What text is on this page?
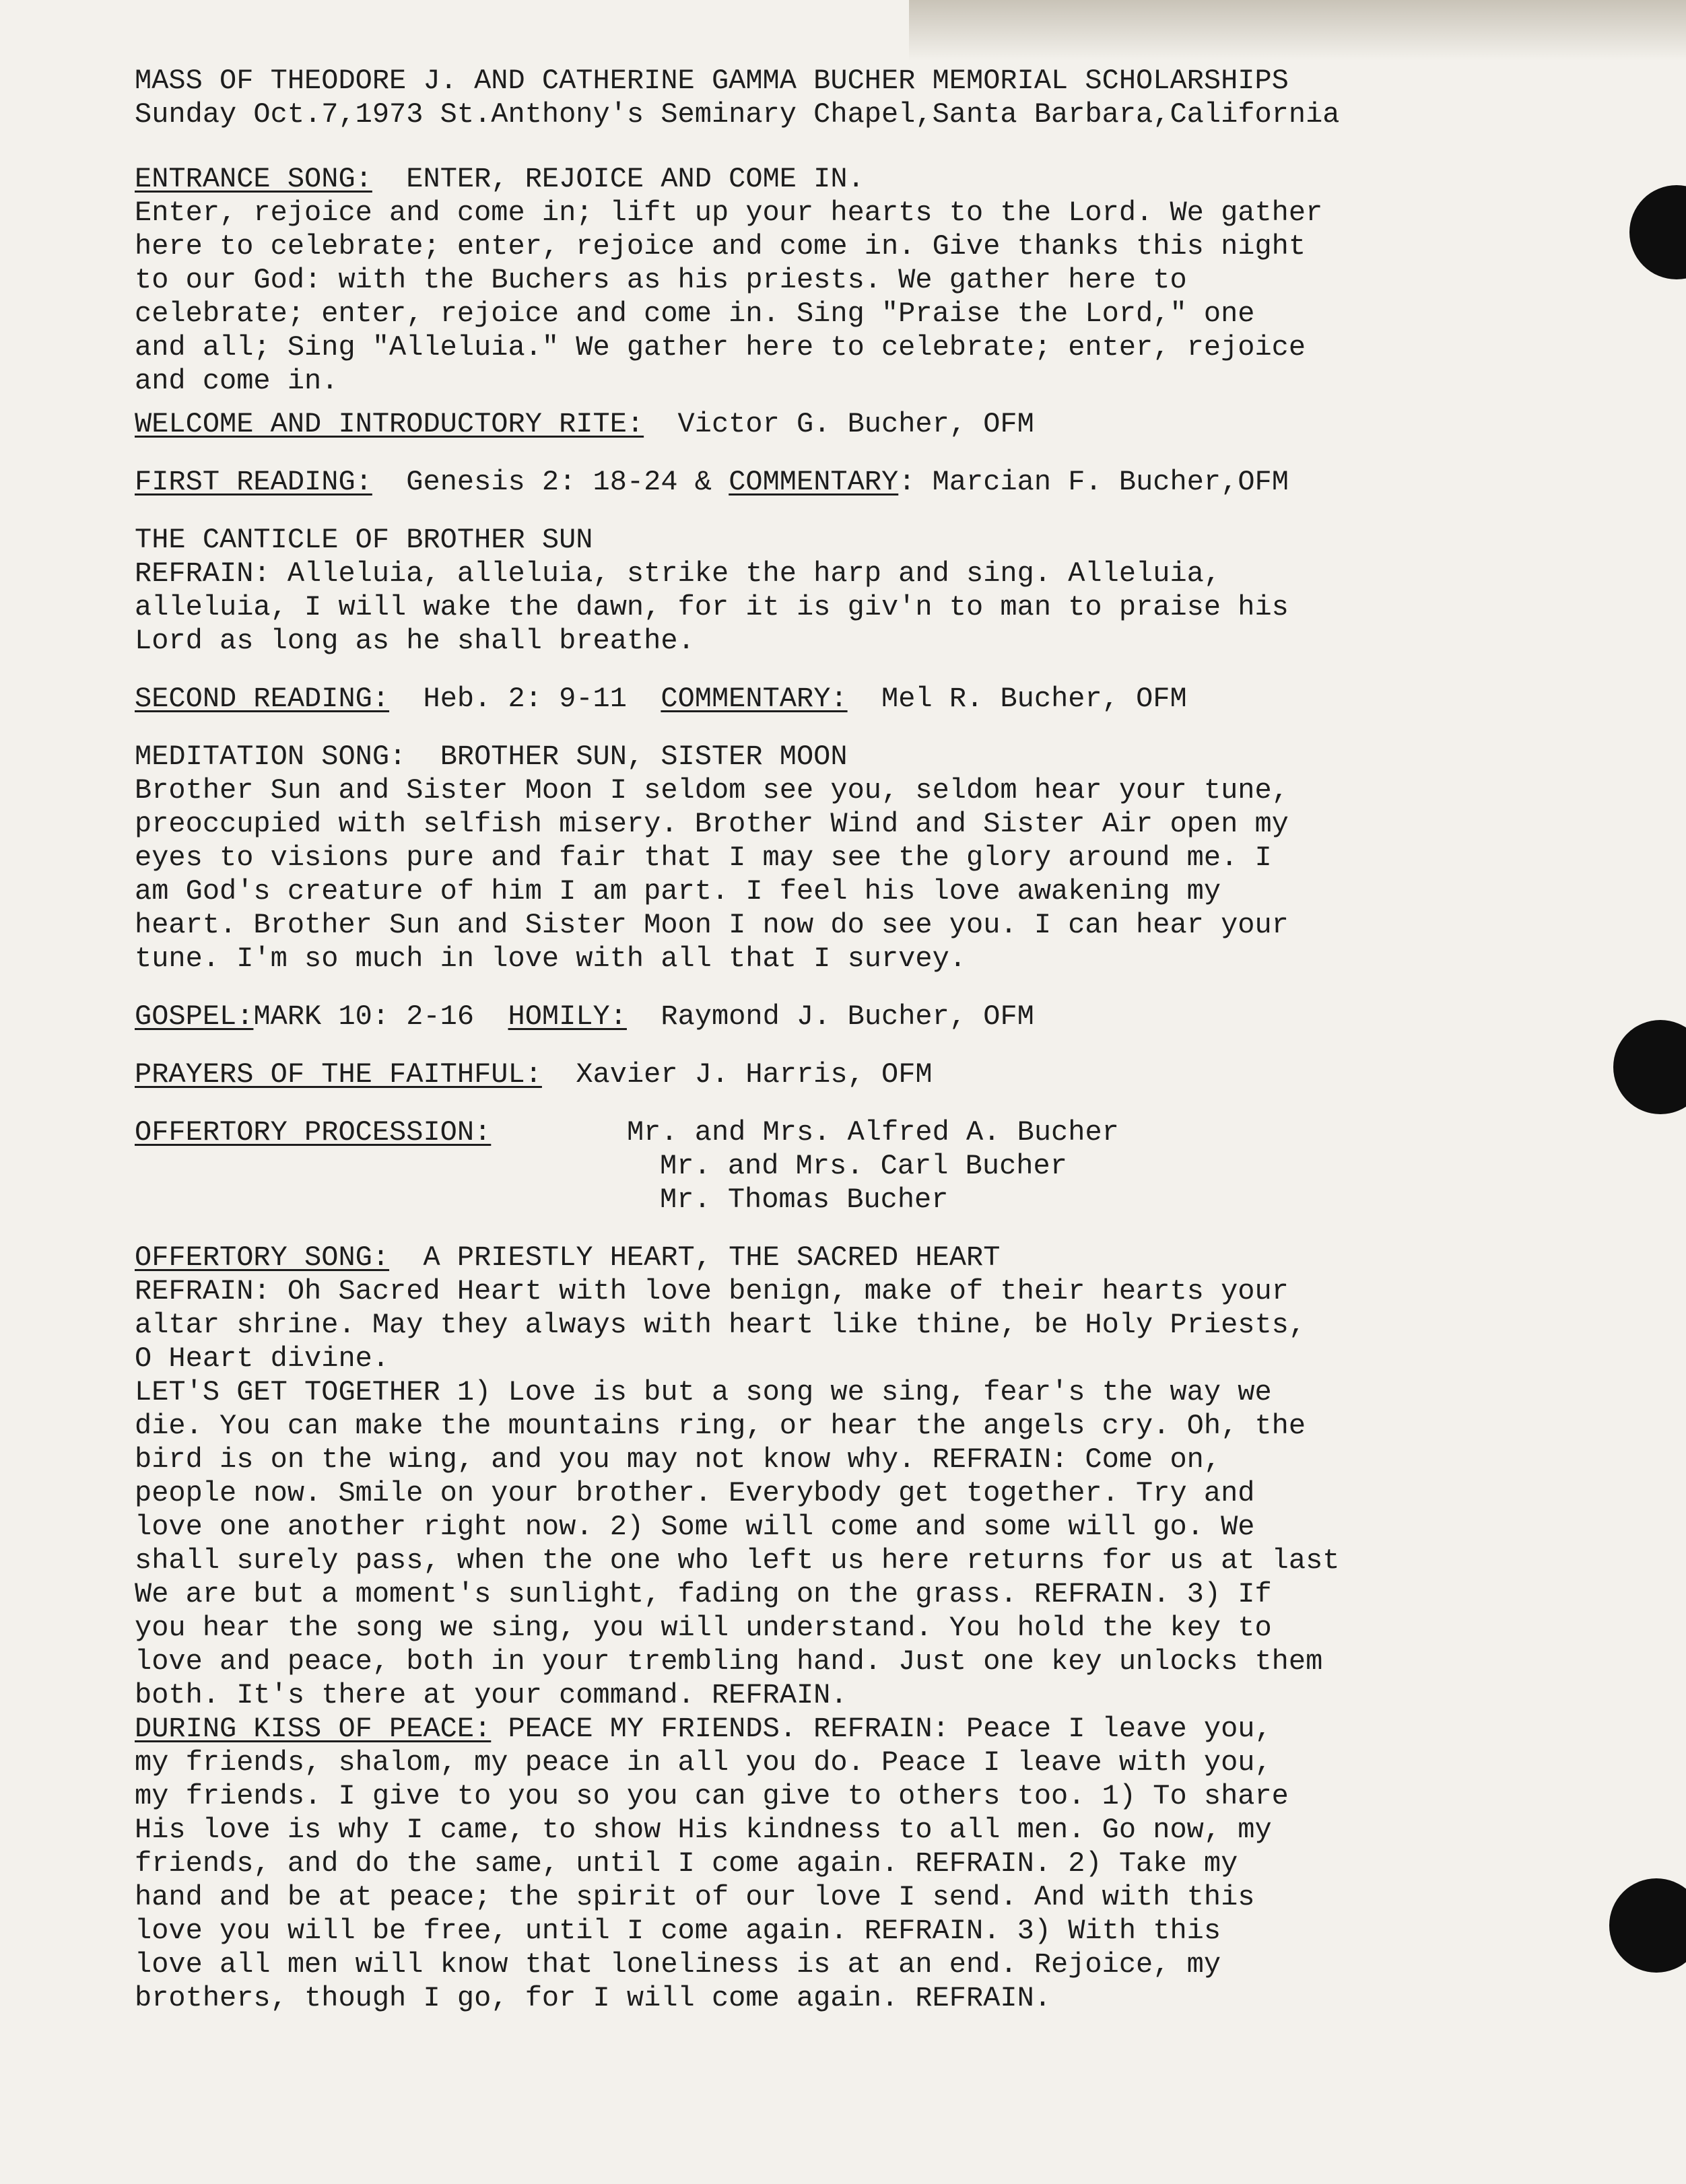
MASS OF THEODORE J. AND CATHERINE GAMMA BUCHER MEMORIAL SCHOLARSHIPS

Sunday Oct.7,1973 St.Anthony's Seminary Chapel,Santa Barbara,California

ENTRANCE SONG: ENTER, REJOICE AND COME IN.

Enter, rejoice and come in; lift up your hearts to the Lord. We gather

here to celebrate; enter, rejoice and come in. Give thanks this night

to our God: with the Buchers as his priests. We gather here to

celebrate; enter, rejoice and come in. Sing "Praise the Lord," one

and all; Sing "Alleluia." We gather here to celebrate; enter, rejoice

and come in.

WELCOME AND INTRODUCTORY RITE: Victor G. Bucher, OFM

FIRST READING: Genesis 2: 18-24 & COMMENTARY: Marcian F. Bucher,OFM

THE CANTICLE OF BROTHER SUN

REFRAIN: Alleluia, alleluia, strike the harp and sing. Alleluia,

alleluia, I will wake the dawn, for it is giv'n to man to praise his

Lord as long as he shall breathe.

SECOND READING: Heb. 2: 9-11 COMMENTARY: Mel R. Bucher, OFM

MEDITATION SONG: BROTHER SUN, SISTER MOON

Brother Sun and Sister Moon I seldom see you, seldom hear your tune,

preoccupied with selfish misery. Brother Wind and Sister Air open my

eyes to visions pure and fair that I may see the glory around me. I

am God's creature of him I am part. I feel his love awakening my

heart. Brother Sun and Sister Moon I now do see you. I can hear your

tune. I'm so much in love with all that I survey.

GOSPEL:MARK 10: 2-16 HOMILY: Raymond J. Bucher, OFM

PRAYERS OF THE FAITHFUL: Xavier J. Harris, OFM

OFFERTORY PROCESSION:	Mr. and Mrs. Alfred A. Bucher

Mr. and Mrs. Carl Bucher

Mr. Thomas Bucher

OFFERTORY SONG: A PRIESTLY HEART, THE SACRED HEART

REFRAIN: Oh Sacred Heart with love benign, make of their hearts your

altar shrine. May they always with heart like thine, be Holy Priests,

O Heart divine.

LET'S GET TOGETHER 1) Love is but a song we sing, fear's the way we

die. You can make the mountains ring, or hear the angels cry. Oh, the

bird is on the wing, and you may not know why. REFRAIN: Come on,

people now. Smile on your brother. Everybody get together. Try and

love one another right now. 2) Some will come and some will go. We

shall surely pass, when the one who left us here returns for us at last

We are but a moment's sunlight, fading on the grass. REFRAIN. 3) If

you hear the song we sing, you will understand. You hold the key to

love and peace, both in your trembling hand. Just one key unlocks them

both. It's there at your command. REFRAIN.

DURING KISS OF PEACE: PEACE MY FRIENDS. REFRAIN: Peace I leave you,

my friends, shalom, my peace in all you do. Peace I leave with you,

my friends. I give to you so you can give to others too. 1) To share

His love is why I came, to show His kindness to all men. Go now, my

friends, and do the same, until I come again. REFRAIN. 2) Take my

hand and be at peace; the spirit of our love I send. And with this

love you will be free, until I come again. REFRAIN. 3) With this

love all men will know that loneliness is at an end. Rejoice, my

brothers, though I go, for I will come again. REFRAIN.
